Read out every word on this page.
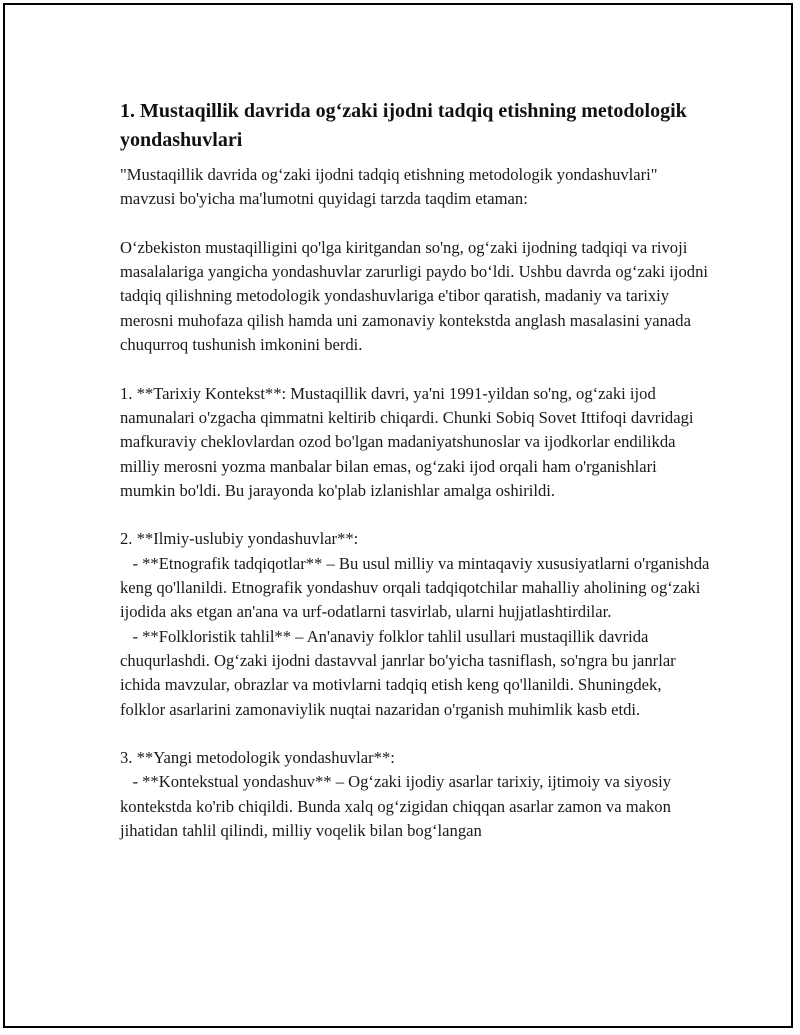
1. Mustaqillik davrida og‘zaki ijodni tadqiq etishning metodologik yondashuvlari

"Mustaqillik davrida og‘zaki ijodni tadqiq etishning metodologik yondashuvlari" mavzusi bo'yicha ma'lumotni quyidagi tarzda taqdim etaman:

O‘zbekiston mustaqilligini qo'lga kiritgandan so'ng, og‘zaki ijodning tadqiqi va rivoji masalalariga yangicha yondashuvlar zarurligi paydo bo‘ldi. Ushbu davrda og‘zaki ijodni tadqiq qilishning metodologik yondashuvlariga e'tibor qaratish, madaniy va tarixiy merosni muhofaza qilish hamda uni zamonaviy kontekstda anglash masalasini yanada chuqurroq tushunish imkonini berdi.

1. **Tarixiy Kontekst**: Mustaqillik davri, ya'ni 1991-yildan so'ng, og‘zaki ijod namunalari o'zgacha qimmatni keltirib chiqardi. Chunki Sobiq Sovet Ittifoqi davridagi mafkuraviy cheklovlardan ozod bo'lgan madaniyatshunoslar va ijodkorlar endilikda milliy merosni yozma manbalar bilan emas, og‘zaki ijod orqali ham o'rganishlari mumkin bo'ldi. Bu jarayonda ko'plab izlanishlar amalga oshirildi.

2. **Ilmiy-uslubiy yondashuvlar**:
- **Etnografik tadqiqotlar** – Bu usul milliy va mintaqaviy xususiyatlarni o'rganishda keng qo'llanildi. Etnografik yondashuv orqali tadqiqotchilar mahalliy aholining og‘zaki ijodida aks etgan an'ana va urf-odatlarni tasvirlab, ularni hujjatlashtirdilar.
- **Folkloristik tahlil** – An'anaviy folklor tahlil usullari mustaqillik davrida chuqurlashdi. Og‘zaki ijodni dastavval janrlar bo'yicha tasniflash, so'ngra bu janrlar ichida mavzular, obrazlar va motivlarni tadqiq etish keng qo'llanildi. Shuningdek, folklor asarlarini zamonaviylik nuqtai nazaridan o'rganish muhimlik kasb etdi.

3. **Yangi metodologik yondashuvlar**:
- **Kontekstual yondashuv** – Og‘zaki ijodiy asarlar tarixiy, ijtimoiy va siyosiy kontekstda ko'rib chiqildi. Bunda xalq og‘zigidan chiqqan asarlar zamon va makon jihatidan tahlil qilindi, milliy voqelik bilan bog‘langan
